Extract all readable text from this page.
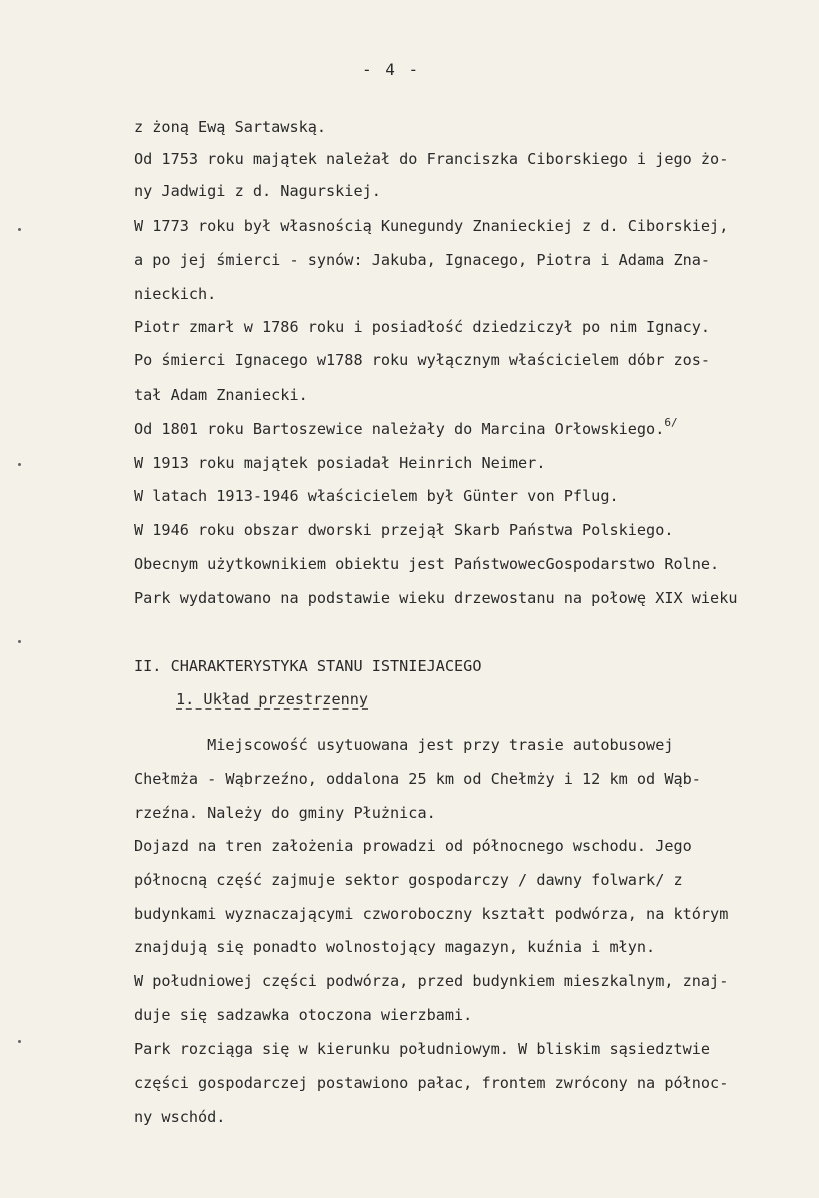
- 4 -
z żoną Ewą Sartawską.
Od 1753 roku majątek należał do Franciszka Ciborskiego i jego żo-
ny Jadwigi z d. Nagurskiej.
W 1773 roku był własnością Kunegundy Znanieckiej z d. Ciborskiej,
a po jej śmierci - synów: Jakuba, Ignacego, Piotra i Adama Zna-
nieckich.
Piotr zmarł w 1786 roku i posiadłość dziedziczył po nim Ignacy.
Po śmierci Ignacego w1788 roku wyłącznym właścicielem dóbr zos-
tał Adam Znaniecki.
Od 1801 roku Bartoszewice należały do Marcina Orłowskiego.$^{6/}$
W 1913 roku majątek posiadał Heinrich Neimer.
W latach 1913-1946 właścicielem był Günter von Pflug.
W 1946 roku obszar dworski przejął Skarb Państwa Polskiego.
Obecnym użytkownikiem obiektu jest PaństwowecGospodarstwo Rolne.
Park wydatowano na podstawie wieku drzewostanu na połowę XIX wieku
II. CHARAKTERYSTYKA STANU ISTNIEJACEGO
1. Układ przestrzenny
Miejscowość usytuowana jest przy trasie autobusowej
Chełmża - Wąbrzeźno, oddalona 25 km od Chełmży i 12 km od Wąb-
rzeźna. Należy do gminy Płużnica.
Dojazd na tren założenia prowadzi od północnego wschodu. Jego
północną część zajmuje sektor gospodarczy / dawny folwark/ z
budynkami wyznaczającymi czworoboczny kształt podwórza, na którym
znajdują się ponadto wolnostojący magazyn, kuźnia i młyn.
W południowej części podwórza, przed budynkiem mieszkalnym, znaj-
duje się sadzawka otoczona wierzbami.
Park rozciąga się w kierunku południowym. W bliskim sąsiedztwie
części gospodarczej postawiono pałac, frontem zwrócony na północ-
ny wschód.
